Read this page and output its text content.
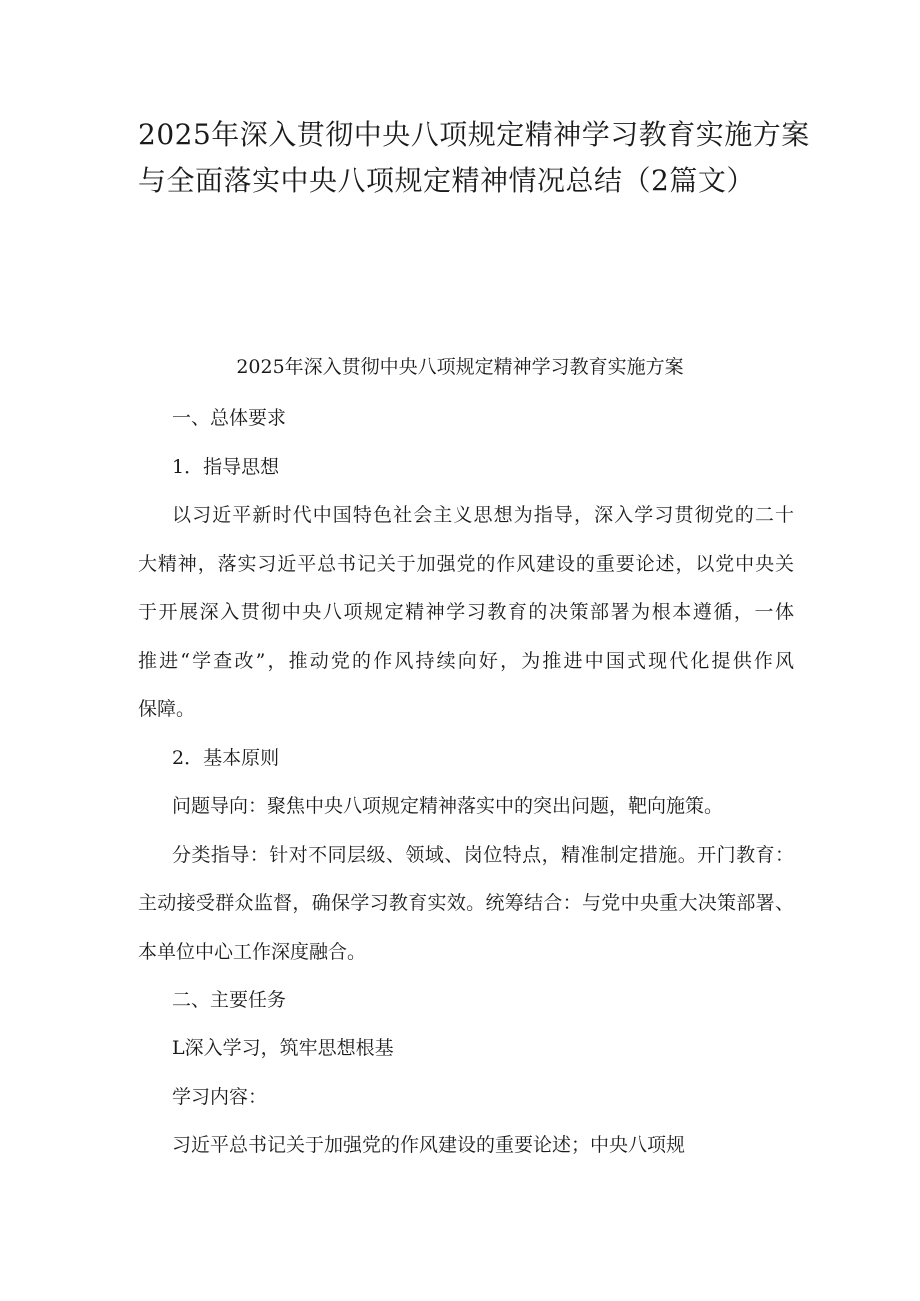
2025年深入贯彻中央八项规定精神学习教育实施方案
与全面落实中央八项规定精神情况总结（2篇文）
2025年深入贯彻中央八项规定精神学习教育实施方案
一、总体要求
1．指导思想
以习近平新时代中国特色社会主义思想为指导，深入学习贯彻党的二十
大精神，落实习近平总书记关于加强党的作风建设的重要论述，以党中央关
于开展深入贯彻中央八项规定精神学习教育的决策部署为根本遵循，一体
推进“学查改”，推动党的作风持续向好，为推进中国式现代化提供作风
保障。
2．基本原则
问题导向：聚焦中央八项规定精神落实中的突出问题，靶向施策。
分类指导：针对不同层级、领域、岗位特点，精准制定措施。开门教育：
主动接受群众监督，确保学习教育实效。统筹结合：与党中央重大决策部署、
本单位中心工作深度融合。
二、主要任务
L深入学习，筑牢思想根基
学习内容：
习近平总书记关于加强党的作风建设的重要论述；中央八项规
